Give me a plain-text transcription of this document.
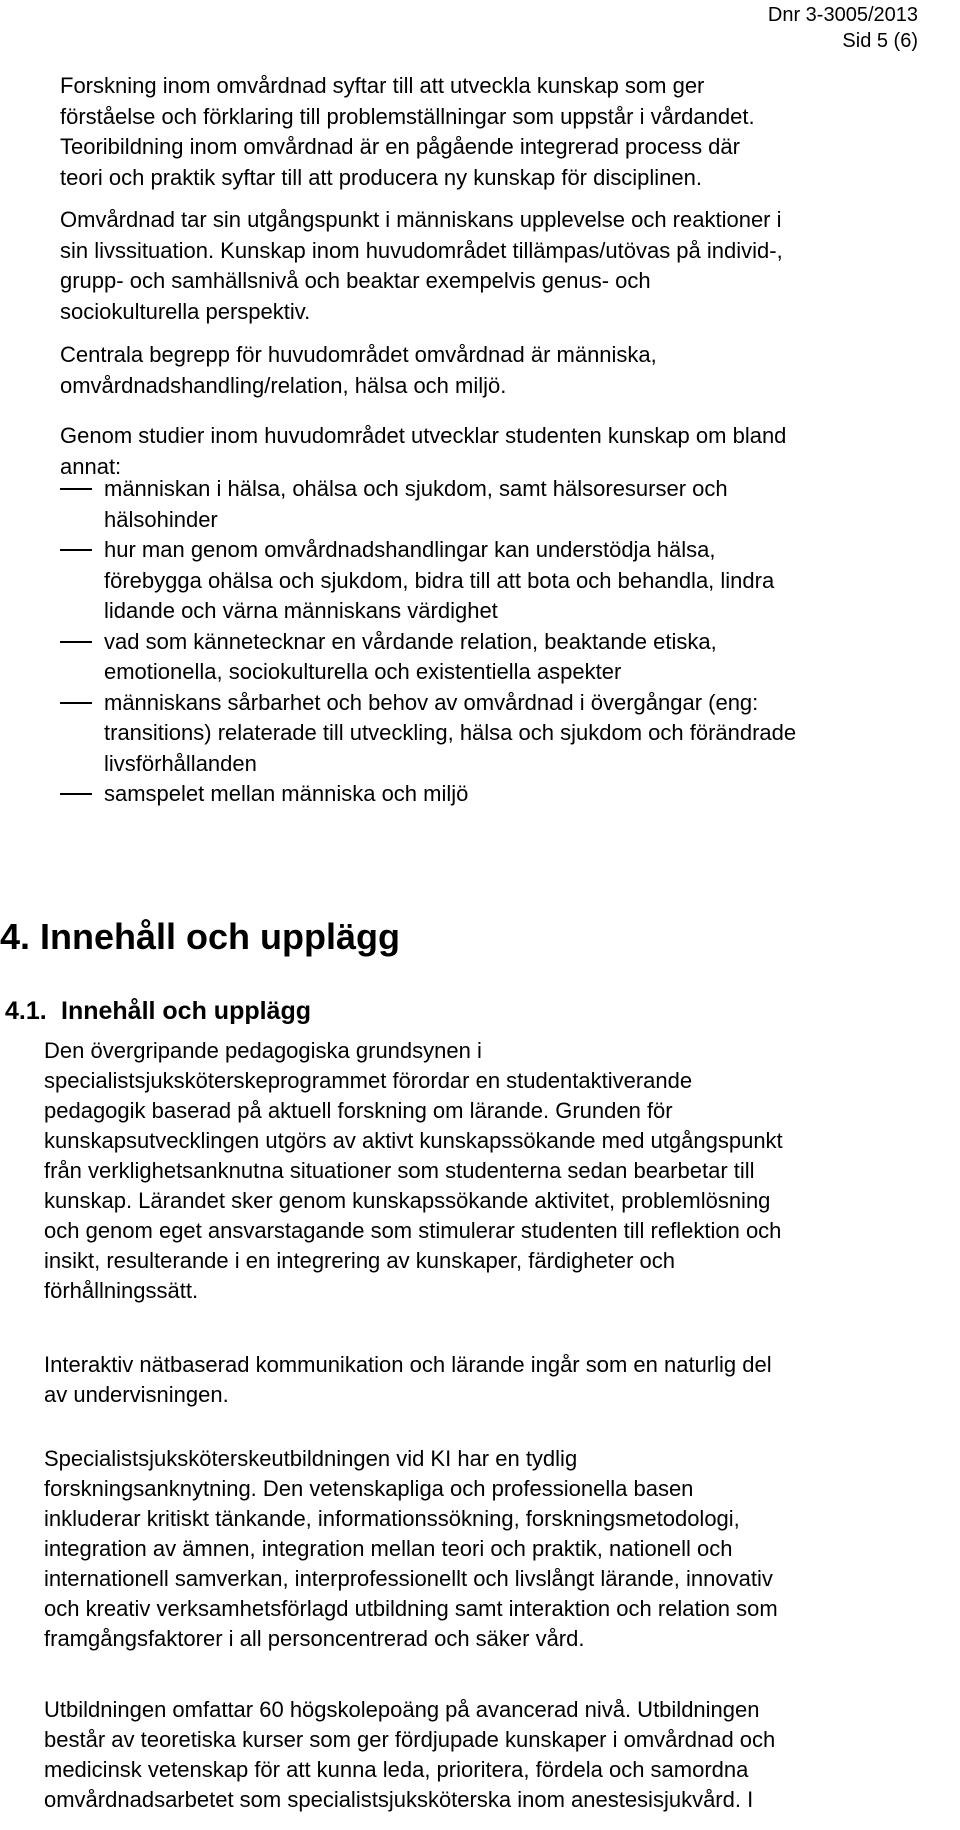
Dnr 3-3005/2013
Sid 5 (6)

Forskning inom omvårdnad syftar till att utveckla kunskap som ger

förståelse och förklaring till problemställningar som uppstår i vårdandet.

Teoribildning inom omvårdnad är en pågående integrerad process där

teori och praktik syftar till att producera ny kunskap för disciplinen.

Omvårdnad tar sin utgångspunkt i människans upplevelse och reaktioner i

sin livssituation. Kunskap inom huvudområdet tillämpas/utövas på individ-,

grupp- och samhällsnivå och beaktar exempelvis genus- och

sociokulturella perspektiv.

Centrala begrepp för huvudområdet omvårdnad är människa,

omvårdnadshandling/relation, hälsa och miljö.

Genom studier inom huvudområdet utvecklar studenten kunskap om bland

annat:

människan i hälsa, ohälsa och sjukdom, samt hälsoresurser och

hälsohinder

hur man genom omvårdnadshandlingar kan understödja hälsa,

förebygga ohälsa och sjukdom, bidra till att bota och behandla, lindra

lidande och värna människans värdighet

vad som kännetecknar en vårdande relation, beaktande etiska,

emotionella, sociokulturella och existentiella aspekter

människans sårbarhet och behov av omvårdnad i övergångar (eng:

transitions) relaterade till utveckling, hälsa och sjukdom och förändrade

livsförhållanden

samspelet mellan människa och miljö

4. Innehåll och upplägg
4.1. Innehåll och upplägg

Den övergripande pedagogiska grundsynen i

specialistsjuksköterskeprogrammet förordar en studentaktiverande

pedagogik baserad på aktuell forskning om lärande. Grunden för

kunskapsutvecklingen utgörs av aktivt kunskapssökande med utgångspunkt

från verklighetsanknutna situationer som studenterna sedan bearbetar till

kunskap. Lärandet sker genom kunskapssökande aktivitet, problemlösning

och genom eget ansvarstagande som stimulerar studenten till reflektion och

insikt, resulterande i en integrering av kunskaper, färdigheter och

förhållningssätt.

Interaktiv nätbaserad kommunikation och lärande ingår som en naturlig del

av undervisningen.

Specialistsjuksköterskeutbildningen vid KI har en tydlig

forskningsanknytning. Den vetenskapliga och professionella basen

inkluderar kritiskt tänkande, informationssökning, forskningsmetodologi,

integration av ämnen, integration mellan teori och praktik, nationell och

internationell samverkan, interprofessionellt och livslångt lärande, innovativ

och kreativ verksamhetsförlagd utbildning samt interaktion och relation som

framgångsfaktorer i all personcentrerad och säker vård.

Utbildningen omfattar 60 högskolepoäng på avancerad nivå. Utbildningen

består av teoretiska kurser som ger fördjupade kunskaper i omvårdnad och

medicinsk vetenskap för att kunna leda, prioritera, fördela och samordna

omvårdnadsarbetet som specialistsjuksköterska inom anestesisjukvård. I
